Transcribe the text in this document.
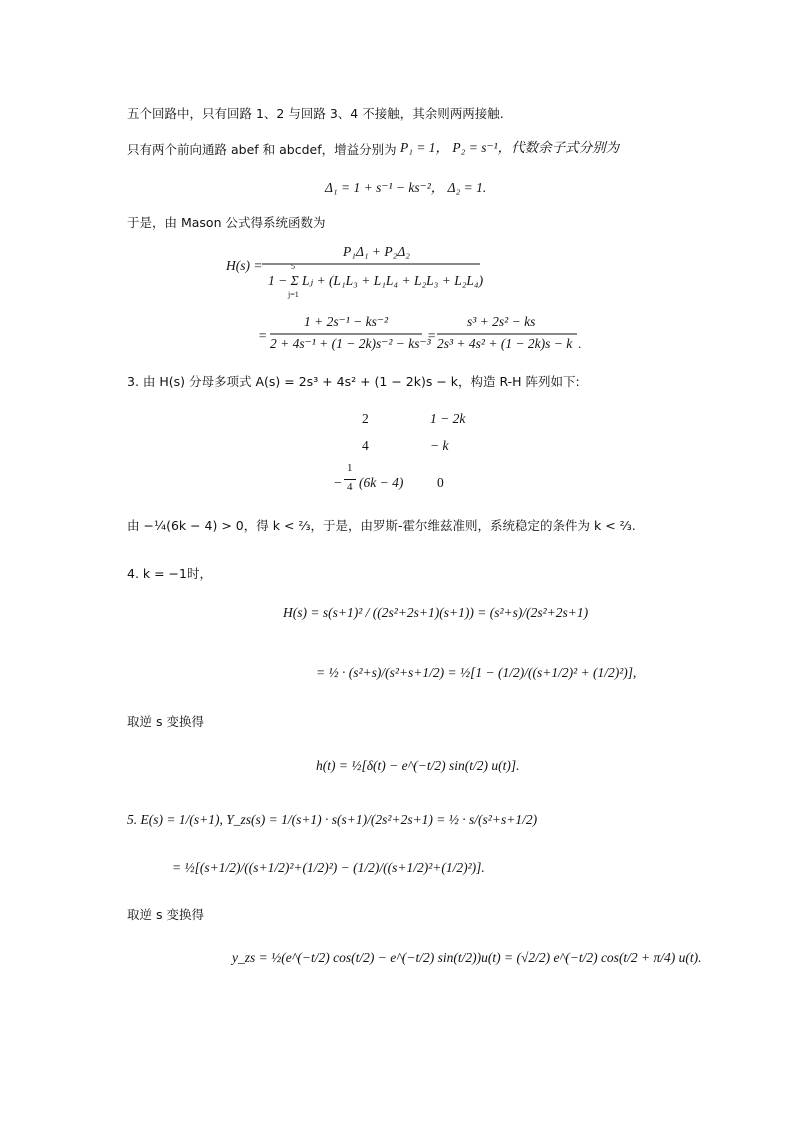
五个回路中，只有回路 1、2 与回路 3、4 不接触，其余则两两接触.
只有两个前向通路 abef 和 abcdef，增益分别为 P₁ = 1， P₂ = s⁻¹，代数余子式分别为
Δ₁ = 1 + s⁻¹ − ks⁻²， Δ₂ = 1.
于是，由 Mason 公式得系统函数为
H(s) =
P₁Δ₁ + P₂Δ₂
5
j=1
1 − Σ Lⱼ + (L₁L₃ + L₁L₄ + L₂L₃ + L₂L₄)
=
1 + 2s⁻¹ − ks⁻²
2 + 4s⁻¹ + (1 − 2k)s⁻² − ks⁻³
=
s³ + 2s² − ks
2s³ + 4s² + (1 − 2k)s − k .
3. 由 H(s) 分母多项式 A(s) = 2s³ + 4s² + (1 − 2k)s − k，构造 R-H 阵列如下:
2	1 − 2k
4	− k
−
1
4 (6k − 4) 0
由 −¼(6k − 4) > 0，得 k < ⅔，于是，由罗斯-霍尔维兹准则，系统稳定的条件为 k < ⅔.
4. k = −1时，
H(s) = s(s+1)² / ((2s²+2s+1)(s+1)) = (s²+s)/(2s²+2s+1)
= ½ · (s²+s)/(s²+s+1/2) = ½[1 − (1/2)/((s+1/2)² + (1/2)²)],
取逆 s 变换得
h(t) = ½[δ(t) − e^(−t/2) sin(t/2) u(t)].
5. E(s) = 1/(s+1), Y_zs(s) = 1/(s+1) · s(s+1)/(2s²+2s+1) = ½ · s/(s²+s+1/2)
= ½[(s+1/2)/((s+1/2)²+(1/2)²) − (1/2)/((s+1/2)²+(1/2)²)].
取逆 s 变换得
y_zs = ½(e^(−t/2) cos(t/2) − e^(−t/2) sin(t/2))u(t) = (√2/2) e^(−t/2) cos(t/2 + π/4) u(t).
